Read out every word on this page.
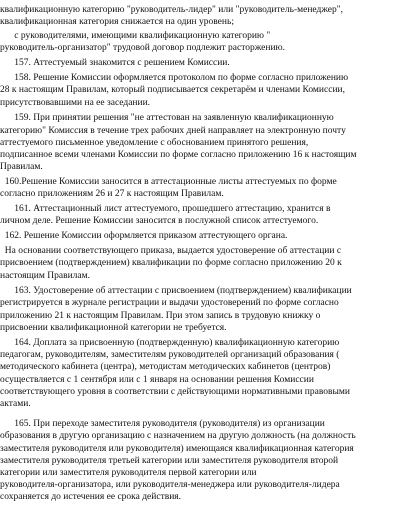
квалификационную категорию "руководитель-лидер" или "руководитель-менеджер",

квалификационная категория снижается на один уровень;

с руководителями, имеющими квалификационную категорию "

руководитель-организатор" трудовой договор подлежит расторжению.

157. Аттестуемый знакомится с решением Комиссии.

158. Решение Комиссии оформляется протоколом по форме согласно приложению

28 к настоящим Правилам, который подписывается секретарём и членами Комиссии,

присутствовавшими на ее заседании.

159. При принятии решения "не аттестован на заявленную квалификационную

категорию" Комиссия в течение трех рабочих дней направляет на электронную почту

аттестуемого письменное уведомление с обоснованием принятого решения,

подписанное всеми членами Комиссии по форме согласно приложению 16 к настоящим

Правилам.

160.Решение Комиссии заносится в аттестационные листы аттестуемых по форме

согласно приложениям 26 и 27 к настоящим Правилам.

161. Аттестационный лист аттестуемого, прошедшего аттестацию, хранится в

личном деле. Решение Комиссии заносится в послужной список аттестуемого.

162. Решение Комиссии оформляется приказом аттестующего органа.

На основании соответствующего приказа, выдается удостоверение об аттестации с

присвоением (подтверждением) квалификации по форме согласно приложению 20 к

настоящим Правилам.

163. Удостоверение об аттестации с присвоением (подтверждением) квалификации

регистрируется в журнале регистрации и выдачи удостоверений по форме согласно

приложению 21 к настоящим Правилам. При этом запись в трудовую книжку о

присвоении квалификационной категории не требуется.

164. Доплата за присвоенную (подтвержденную) квалификационную категорию

педагогам, руководителям, заместителям руководителей организаций образования (

методического кабинета (центра), методистам методических кабинетов (центров)

осуществляется с 1 сентября или с 1 января на основании решения Комиссии

соответствующего уровня в соответствии с действующими нормативными правовыми

актами.

165. При переходе заместителя руководителя (руководителя) из организации

образования в другую организацию с назначением на другую должность (на должность

заместителя руководителя или руководителя) имеющаяся квалификационная категория

заместителя руководителя третьей категории или заместителя руководителя второй

категории или заместителя руководителя первой категории или

руководителя-организатора, или руководителя-менеджера или руководителя-лидера

сохраняется до истечения ее срока действия.
